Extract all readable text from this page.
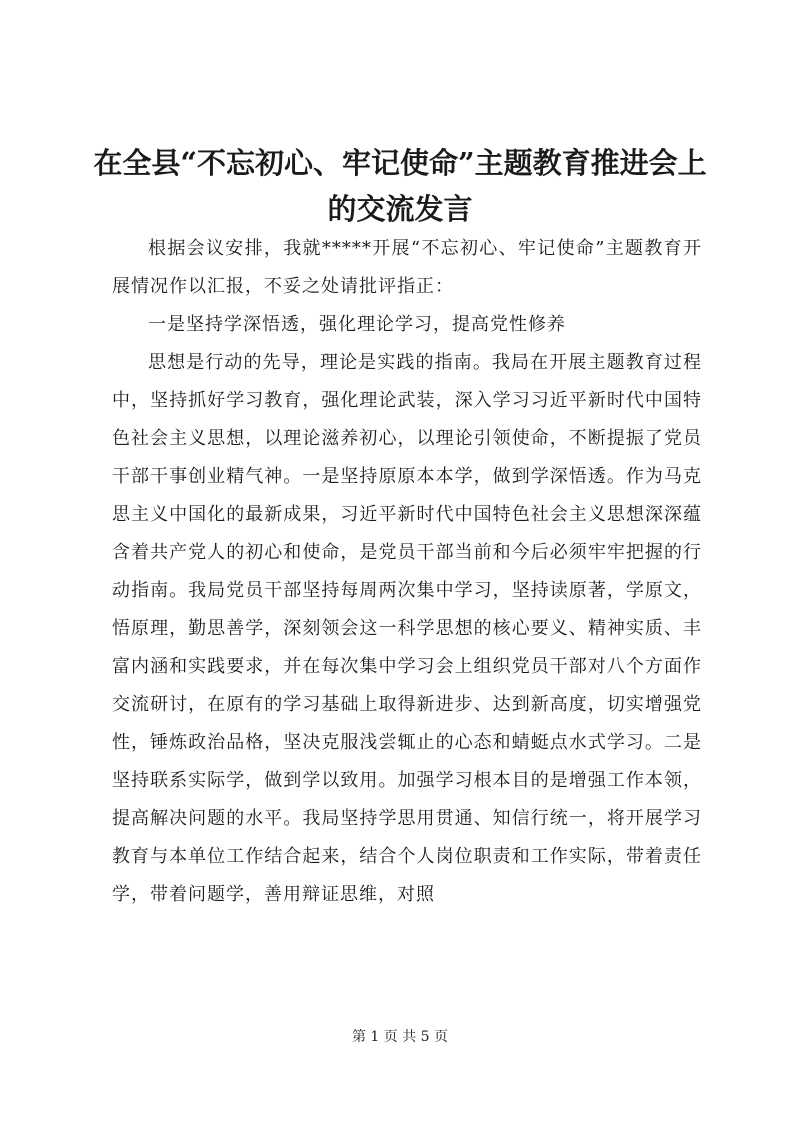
在全县“不忘初心、牢记使命”主题教育推进会上的交流发言

根据会议安排，我就*****开展“不忘初心、牢记使命”主题教育开展情况作以汇报，不妥之处请批评指正：

一是坚持学深悟透，强化理论学习，提高党性修养

思想是行动的先导，理论是实践的指南。我局在开展主题教育过程中，坚持抓好学习教育，强化理论武装，深入学习习近平新时代中国特色社会主义思想，以理论滋养初心，以理论引领使命，不断提振了党员干部干事创业精气神。一是坚持原原本本学，做到学深悟透。作为马克思主义中国化的最新成果，习近平新时代中国特色社会主义思想深深蕴含着共产党人的初心和使命，是党员干部当前和今后必须牢牢把握的行动指南。我局党员干部坚持每周两次集中学习，坚持读原著，学原文，悟原理，勤思善学，深刻领会这一科学思想的核心要义、精神实质、丰富内涵和实践要求，并在每次集中学习会上组织党员干部对八个方面作交流研讨，在原有的学习基础上取得新进步、达到新高度，切实增强党性，锤炼政治品格，坚决克服浅尝辄止的心态和蜻蜓点水式学习。二是坚持联系实际学，做到学以致用。加强学习根本目的是增强工作本领，提高解决问题的水平。我局坚持学思用贯通、知信行统一，将开展学习教育与本单位工作结合起来，结合个人岗位职责和工作实际，带着责任学，带着问题学，善用辩证思维，对照

第 1 页 共 5 页
